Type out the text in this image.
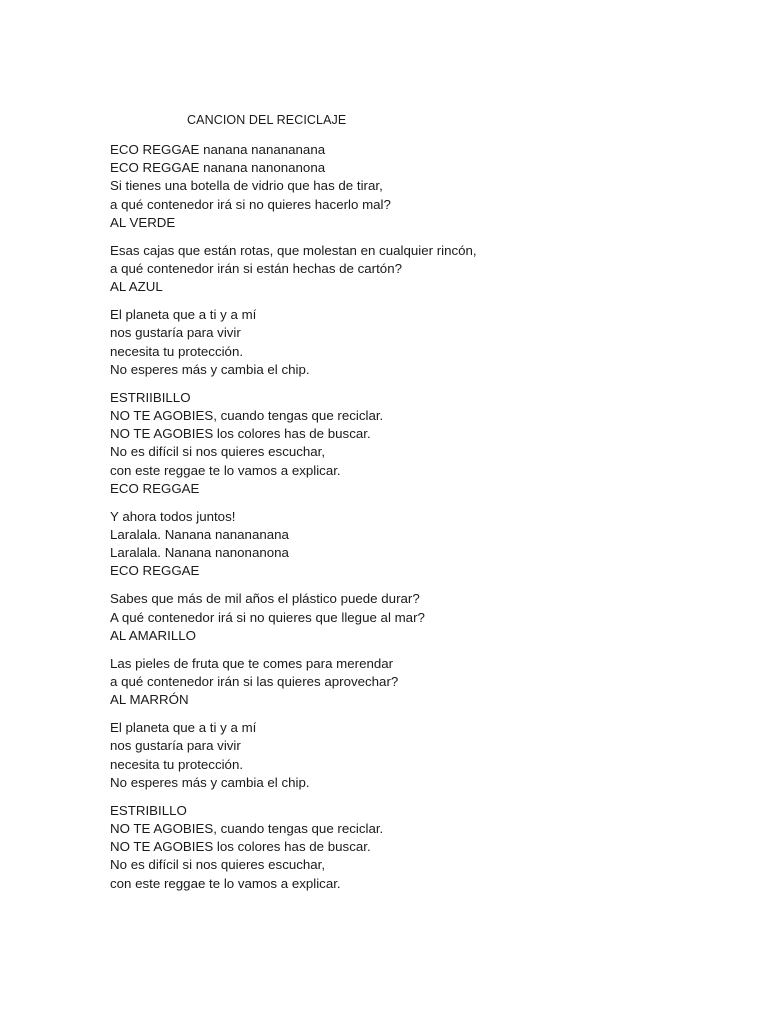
CANCION DEL RECICLAJE

ECO REGGAE nanana nanananana
ECO REGGAE nanana nanonanona
Si tienes una botella de vidrio que has de tirar,
a qué contenedor irá si no quieres hacerlo mal?
AL VERDE

Esas cajas que están rotas, que molestan en cualquier rincón,
a qué contenedor irán si están hechas de cartón?
AL AZUL

El planeta que a ti y a mí
nos gustaría para vivir
necesita tu protección.
No esperes más y cambia el chip.

ESTRIIBILLO
NO TE AGOBIES, cuando tengas que reciclar.
NO TE AGOBIES los colores has de buscar.
No es difícil si nos quieres escuchar,
con este reggae te lo vamos a explicar.
ECO REGGAE

Y ahora todos juntos!
Laralala. Nanana nanananana
Laralala. Nanana nanonanona
ECO REGGAE

Sabes que más de mil años el plástico puede durar?
A qué contenedor irá si no quieres que llegue al mar?
AL AMARILLO

Las pieles de fruta que te comes para merendar
a qué contenedor irán si las quieres aprovechar?
AL MARRÓN

El planeta que a ti y a mí
nos gustaría para vivir
necesita tu protección.
No esperes más y cambia el chip.

ESTRIBILLO
NO TE AGOBIES, cuando tengas que reciclar.
NO TE AGOBIES los colores has de buscar.
No es difícil si nos quieres escuchar,
con este reggae te lo vamos a explicar.
